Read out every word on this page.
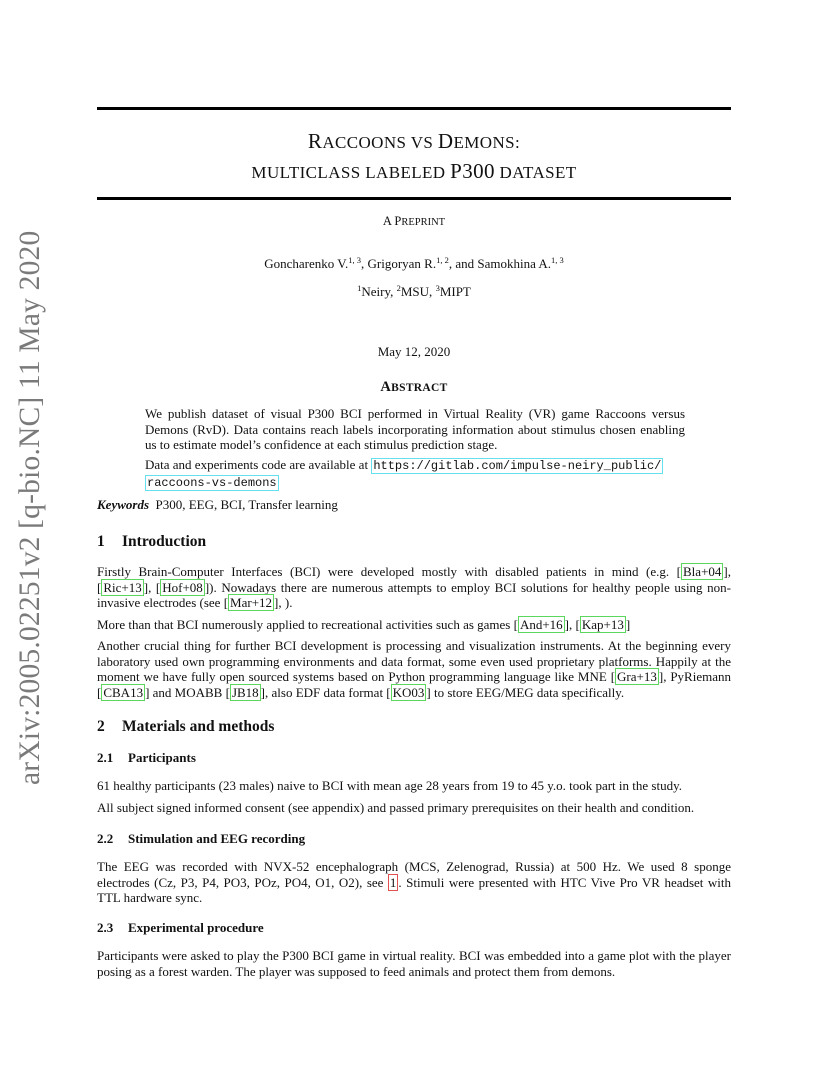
arXiv:2005.02251v2 [q-bio.NC] 11 May 2020
RACCOONS VS DEMONS:
MULTICLASS LABELED P300 DATASET
A PREPRINT
Goncharenko V.$^{1, 3}$, Grigoryan R.$^{1, 2}$, and Samokhina A.$^{1, 3}$
$^1$Neiry, $^2$MSU, $^3$MIPT
May 12, 2020
ABSTRACT

We publish dataset of visual P300 BCI performed in Virtual Reality (VR) game Raccoons versus Demons (RvD). Data contains reach labels incorporating information about stimulus chosen enabling us to estimate model’s confidence at each stimulus prediction stage.

Data and experiments code are available at https://gitlab.com/impulse-neiry_public/
raccoons-vs-demons

Keywords P300, EEG, BCI, Transfer learning
1 Introduction

Firstly Brain-Computer Interfaces (BCI) were developed mostly with disabled patients in mind (e.g. [ Bla+04 ], [ Ric+13 ], [ Hof+08 ]). Nowadays there are numerous attempts to employ BCI solutions for healthy people using non-invasive electrodes (see [ Mar+12 ], ).

More than that BCI numerously applied to recreational activities such as games [ And+16 ], [ Kap+13 ]

Another crucial thing for further BCI development is processing and visualization instruments. At the beginning every laboratory used own programming environments and data format, some even used proprietary platforms. Happily at the moment we have fully open sourced systems based on Python programming language like MNE [ Gra+13 ], PyRiemann [ CBA13 ] and MOABB [ JB18 ], also EDF data format [ KO03 ] to store EEG/MEG data specifically.

2 Materials and methods
2.1 Participants

61 healthy participants (23 males) naive to BCI with mean age 28 years from 19 to 45 y.o. took part in the study.

All subject signed informed consent (see appendix) and passed primary prerequisites on their health and condition.

2.2 Stimulation and EEG recording

The EEG was recorded with NVX-52 encephalograph (MCS, Zelenograd, Russia) at 500 Hz. We used 8 sponge electrodes (Cz, P3, P4, PO3, POz, PO4, O1, O2), see 1 . Stimuli were presented with HTC Vive Pro VR headset with TTL hardware sync.

2.3 Experimental procedure

Participants were asked to play the P300 BCI game in virtual reality. BCI was embedded into a game plot with the player posing as a forest warden. The player was supposed to feed animals and protect them from demons.
